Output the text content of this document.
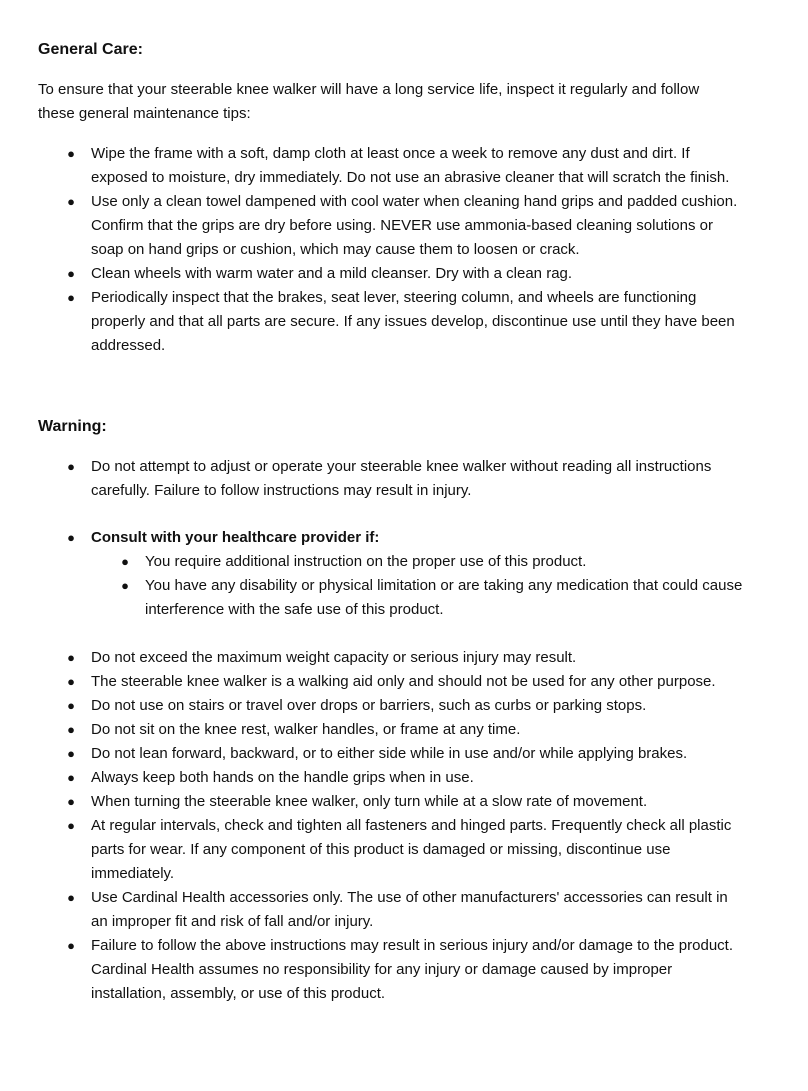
General Care:
To ensure that your steerable knee walker will have a long service life, inspect it regularly and follow these general maintenance tips:
● Wipe the frame with a soft, damp cloth at least once a week to remove any dust and dirt. If exposed to moisture, dry immediately. Do not use an abrasive cleaner that will scratch the finish.
● Use only a clean towel dampened with cool water when cleaning hand grips and padded cushion. Confirm that the grips are dry before using. NEVER use ammonia-based cleaning solutions or soap on hand grips or cushion, which may cause them to loosen or crack.
● Clean wheels with warm water and a mild cleanser. Dry with a clean rag.
● Periodically inspect that the brakes, seat lever, steering column, and wheels are functioning properly and that all parts are secure. If any issues develop, discontinue use until they have been addressed.
Warning:
● Do not attempt to adjust or operate your steerable knee walker without reading all instructions carefully. Failure to follow instructions may result in injury.
● Consult with your healthcare provider if:
● You require additional instruction on the proper use of this product.
● You have any disability or physical limitation or are taking any medication that could cause interference with the safe use of this product.
● Do not exceed the maximum weight capacity or serious injury may result.
● The steerable knee walker is a walking aid only and should not be used for any other purpose.
● Do not use on stairs or travel over drops or barriers, such as curbs or parking stops.
● Do not sit on the knee rest, walker handles, or frame at any time.
● Do not lean forward, backward, or to either side while in use and/or while applying brakes.
● Always keep both hands on the handle grips when in use.
● When turning the steerable knee walker, only turn while at a slow rate of movement.
● At regular intervals, check and tighten all fasteners and hinged parts. Frequently check all plastic parts for wear. If any component of this product is damaged or missing, discontinue use immediately.
● Use Cardinal Health accessories only. The use of other manufacturers' accessories can result in an improper fit and risk of fall and/or injury.
● Failure to follow the above instructions may result in serious injury and/or damage to the product. Cardinal Health assumes no responsibility for any injury or damage caused by improper installation, assembly, or use of this product.
